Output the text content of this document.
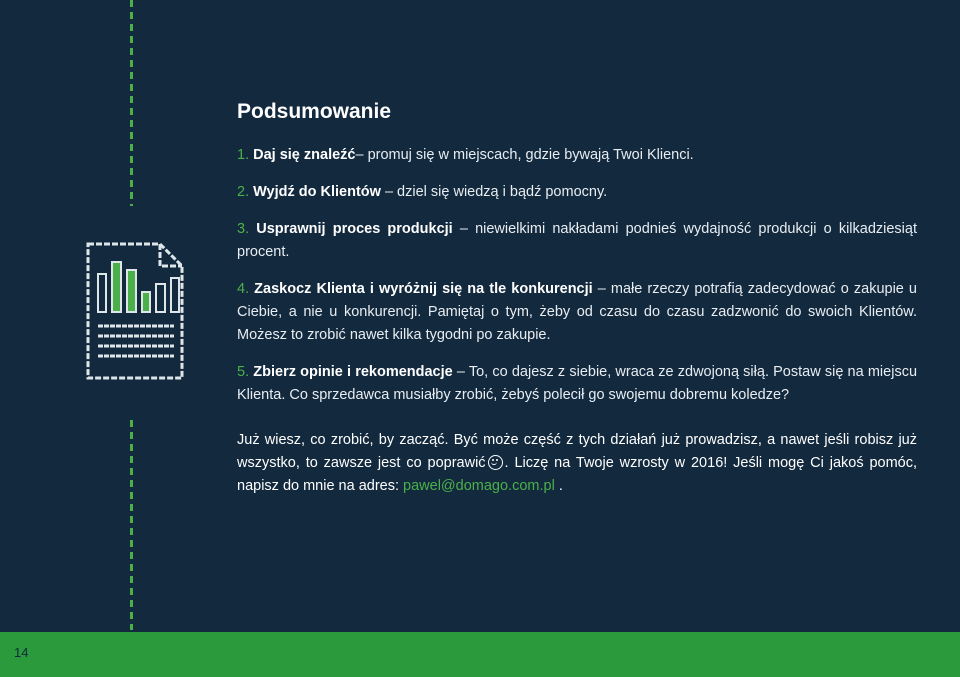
Podsumowanie

1. Daj się znaleźć– promuj się w miejscach, gdzie bywają Twoi Klienci.

2. Wyjdź do Klientów – dziel się wiedzą i bądź pomocny.

3. Usprawnij proces produkcji – niewielkimi nakładami podnieś wydajność produkcji o kilkadziesiąt procent.

4. Zaskocz Klienta i wyróżnij się na tle konkurencji – małe rzeczy potrafią zadecydować o zakupie u Ciebie, a nie u konkurencji. Pamiętaj o tym, żeby od czasu do czasu zadzwonić do swoich Klientów. Możesz to zrobić nawet kilka tygodni po zakupie.

5. Zbierz opinie i rekomendacje – To, co dajesz z siebie, wraca ze zdwojoną siłą. Postaw się na miejscu Klienta. Co sprzedawca musiałby zrobić, żebyś polecił go swojemu dobremu koledze?

Już wiesz, co zrobić, by zacząć. Być może część z tych działań już prowadzisz, a nawet jeśli robisz już wszystko, to zawsze jest co poprawić . Liczę na Twoje wzrosty w 2016! Jeśli mogę Ci jakoś pomóc, napisz do mnie na adres: pawel@domago.com.pl .

14
